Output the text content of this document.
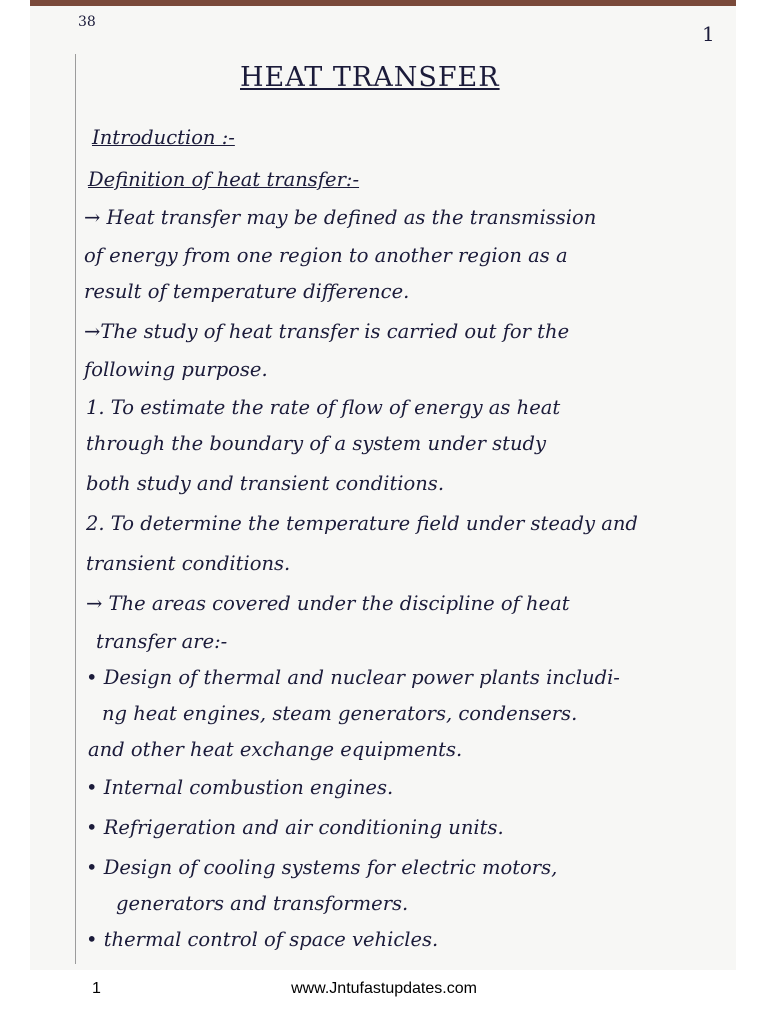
38	1
HEAT TRANSFER
Introduction :-
Definition of heat transfer:-
→ Heat transfer may be defined as the transmission
of energy from one region to another region as a
result of temperature difference.
→The study of heat transfer is carried out for the
following purpose.
1. To estimate the rate of flow of energy as heat
through the boundary of a system under study
both study and transient conditions.
2. To determine the temperature field under steady and
transient conditions.
→ The areas covered under the discipline of heat
transfer are:-
• Design of thermal and nuclear power plants includi-
ng heat engines, steam generators, condensers.
and other heat exchange equipments.
• Internal combustion engines.
• Refrigeration and air conditioning units.
• Design of cooling systems for electric motors,
generators and transformers.
• thermal control of space vehicles.
1	www.Jntufastupdates.com
